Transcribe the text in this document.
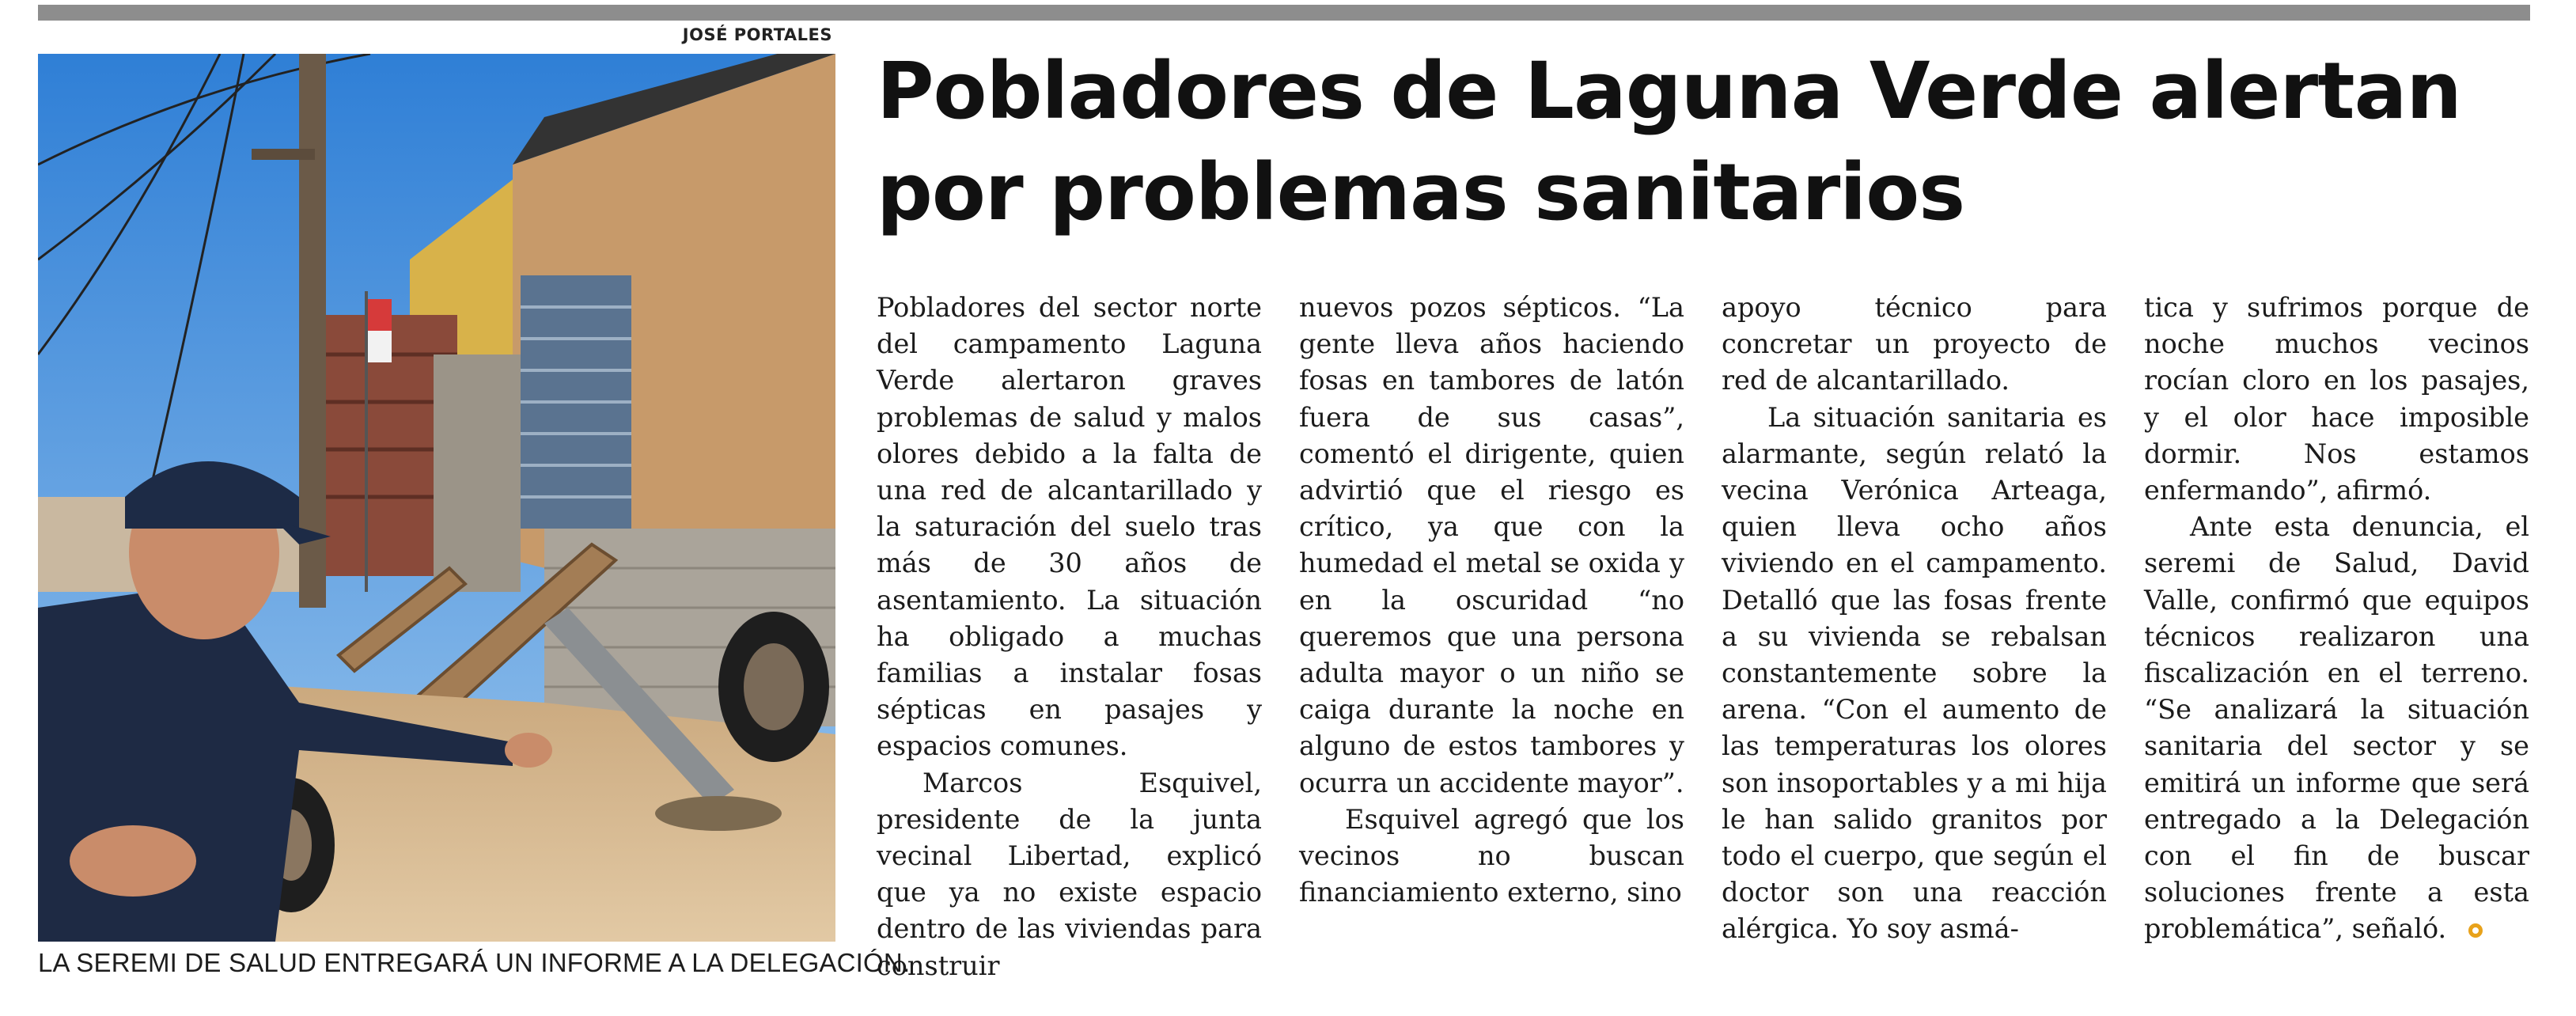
JOSÉ PORTALES
LA SEREMI DE SALUD ENTREGARÁ UN INFORME A LA DELEGACIÓN.
Pobladores de Laguna Verde alertan
por problemas sanitarios

Pobladores del sector norte del campamento Laguna Verde alertaron graves problemas de salud y malos olores debido a la falta de una red de alcantarillado y la saturación del suelo tras más de 30 años de asentamiento. La situación ha obligado a muchas familias a instalar fosas sépticas en pasajes y espacios comunes.

Marcos Esquivel, presidente de la junta vecinal Libertad, explicó que ya no existe espacio dentro de las viviendas para construir

nuevos pozos sépticos. “La gente lleva años haciendo fosas en tambores de latón fuera de sus casas”, comentó el dirigente, quien advirtió que el riesgo es crítico, ya que con la humedad el metal se oxida y en la oscuridad “no queremos que una persona adulta mayor o un niño se caiga durante la noche en alguno de estos tambores y ocurra un accidente mayor”.

Esquivel agregó que los vecinos no buscan financiamiento externo, sino

apoyo técnico para concretar un proyecto de red de alcantarillado.

La situación sanitaria es alarmante, según relató la vecina Verónica Arteaga, quien lleva ocho años viviendo en el campamento. Detalló que las fosas frente a su vivienda se rebalsan constantemente sobre la arena. “Con el aumento de las temperaturas los olores son insoportables y a mi hija le han salido granitos por todo el cuerpo, que según el doctor son una reacción alérgica. Yo soy asmá-

tica y sufrimos porque de noche muchos vecinos rocían cloro en los pasajes, y el olor hace imposible dormir. Nos estamos enfermando”, afirmó.

Ante esta denuncia, el seremi de Salud, David Valle, confirmó que equipos técnicos realizaron una fiscalización en el terreno. “Se analizará la situación sanitaria del sector y se emitirá un informe que será entregado a la Delegación con el fin de buscar soluciones frente a esta problemática”, señaló.
